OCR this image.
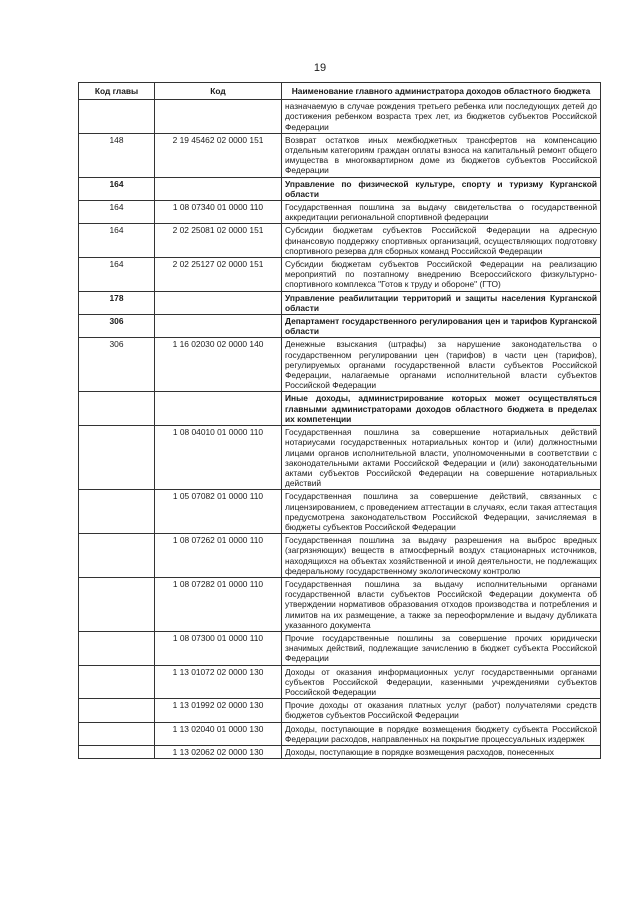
19
Код главы	Код	Наименование главного администратора доходов областного бюджета
		назначаемую в случае рождения третьего ребенка или последующих детей до достижения ребенком возраста трех лет, из бюджетов субъектов Российской Федерации
148	2 19 45462 02 0000 151	Возврат остатков иных межбюджетных трансфертов на компенсацию отдельным категориям граждан оплаты взноса на капитальный ремонт общего имущества в многоквартирном доме из бюджетов субъектов Российской Федерации
164		Управление по физической культуре, спорту и туризму Курганской области
164	1 08 07340 01 0000 110	Государственная пошлина за выдачу свидетельства о государственной аккредитации региональной спортивной федерации
164	2 02 25081 02 0000 151	Субсидии бюджетам субъектов Российской Федерации на адресную финансовую поддержку спортивных организаций, осуществляющих подготовку спортивного резерва для сборных команд Российской Федерации
164	2 02 25127 02 0000 151	Субсидии бюджетам субъектов Российской Федерации на реализацию мероприятий по поэтапному внедрению Всероссийского физкультурно-спортивного комплекса "Готов к труду и обороне" (ГТО)
178		Управление реабилитации территорий и защиты населения Курганской области
306		Департамент государственного регулирования цен и тарифов Курганской области
306	1 16 02030 02 0000 140	Денежные взыскания (штрафы) за нарушение законодательства о государственном регулировании цен (тарифов) в части цен (тарифов), регулируемых органами государственной власти субъектов Российской Федерации, налагаемые органами исполнительной власти субъектов Российской Федерации
		Иные доходы, администрирование которых может осуществляться главными администраторами доходов областного бюджета в пределах их компетенции
	1 08 04010 01 0000 110	Государственная пошлина за совершение нотариальных действий нотариусами государственных нотариальных контор и (или) должностными лицами органов исполнительной власти, уполномоченными в соответствии с законодательными актами Российской Федерации и (или) законодательными актами субъектов Российской Федерации на совершение нотариальных действий
	1 05 07082 01 0000 110	Государственная пошлина за совершение действий, связанных с лицензированием, с проведением аттестации в случаях, если такая аттестация предусмотрена законодательством Российской Федерации, зачисляемая в бюджеты субъектов Российской Федерации
	1 08 07262 01 0000 110	Государственная пошлина за выдачу разрешения на выброс вредных (загрязняющих) веществ в атмосферный воздух стационарных источников, находящихся на объектах хозяйственной и иной деятельности, не подлежащих федеральному государственному экологическому контролю
	1 08 07282 01 0000 110	Государственная пошлина за выдачу исполнительными органами государственной власти субъектов Российской Федерации документа об утверждении нормативов образования отходов производства и потребления и лимитов на их размещение, а также за переоформление и выдачу дубликата указанного документа
	1 08 07300 01 0000 110	Прочие государственные пошлины за совершение прочих юридически значимых действий, подлежащие зачислению в бюджет субъекта Российской Федерации
	1 13 01072 02 0000 130	Доходы от оказания информационных услуг государственными органами субъектов Российской Федерации, казенными учреждениями субъектов Российской Федерации
	1 13 01992 02 0000 130	Прочие доходы от оказания платных услуг (работ) получателями средств бюджетов субъектов Российской Федерации
	1 13 02040 01 0000 130	Доходы, поступающие в порядке возмещения бюджету субъекта Российской Федерации расходов, направленных на покрытие процессуальных издержек
	1 13 02062 02 0000 130	Доходы, поступающие в порядке возмещения расходов, понесенных
